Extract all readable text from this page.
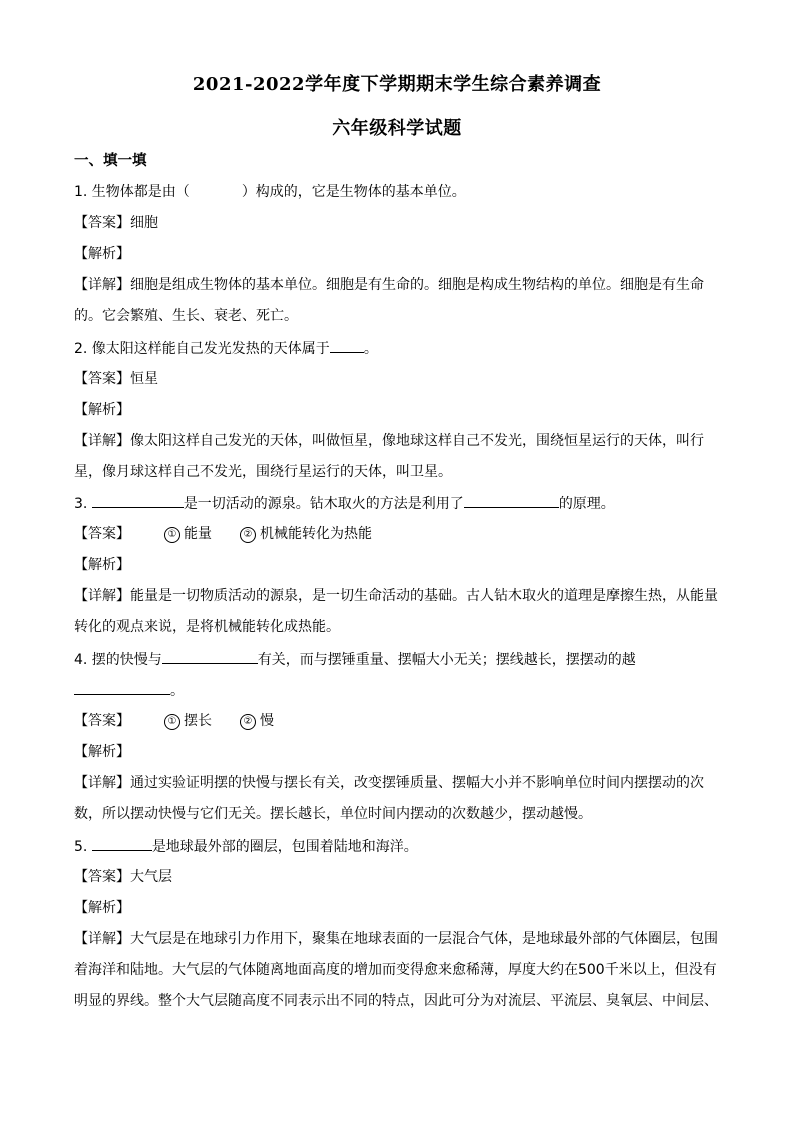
2021-2022学年度下学期期末学生综合素养调查
六年级科学试题
一、填一填
1. 生物体都是由（	）构成的，它是生物体的基本单位。
【答案】细胞
【解析】
【详解】细胞是组成生物体的基本单位。细胞是有生命的。细胞是构成生物结构的单位。细胞是有生命
的。它会繁殖、生长、衰老、死亡。
2. 像太阳这样能自己发光发热的天体属于 。
【答案】恒星
【解析】
【详解】像太阳这样自己发光的天体，叫做恒星，像地球这样自己不发光，围绕恒星运行的天体，叫行
星，像月球这样自己不发光，围绕行星运行的天体，叫卫星。
3.	是一切活动的源泉。钻木取火的方法是利用了	的原理。
【答案】	① 能量	② 机械能转化为热能
【解析】
【详解】能量是一切物质活动的源泉，是一切生命活动的基础。古人钻木取火的道理是摩擦生热，从能量
转化的观点来说，是将机械能转化成热能。
4. 摆的快慢与	有关，而与摆锤重量、摆幅大小无关；摆线越长，摆摆动的越
。
【答案】	① 摆长	② 慢
【解析】
【详解】通过实验证明摆的快慢与摆长有关，改变摆锤质量、摆幅大小并不影响单位时间内摆摆动的次
数，所以摆动快慢与它们无关。摆长越长，单位时间内摆动的次数越少，摆动越慢。
5.	是地球最外部的圈层，包围着陆地和海洋。
【答案】大气层
【解析】
【详解】大气层是在地球引力作用下，聚集在地球表面的一层混合气体，是地球最外部的气体圈层，包围
着海洋和陆地。大气层的气体随离地面高度的增加而变得愈来愈稀薄，厚度大约在500千米以上，但没有
明显的界线。整个大气层随高度不同表示出不同的特点，因此可分为对流层、平流层、臭氧层、中间层、
